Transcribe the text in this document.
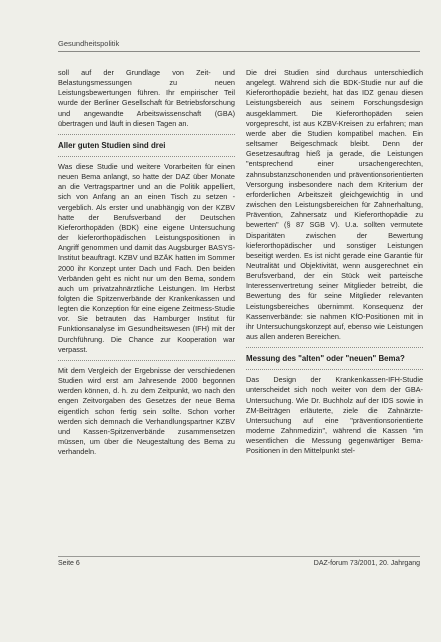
Gesundheitspolitik

soll auf der Grundlage von Zeit- und Belastungsmessungen zu neuen Leistungsbewertungen führen. Ihr empirischer Teil wurde der Berliner Gesellschaft für Betriebsforschung und angewandte Arbeitswissenschaft (GBA) übertragen und läuft in diesen Tagen an.

Aller guten Studien sind drei

Was diese Studie und weitere Vorarbeiten für einen neuen Bema anlangt, so hatte der DAZ über Monate an die Vertragspartner und an die Politik appelliert, sich von Anfang an an einen Tisch zu setzen - vergeblich. Als erster und unabhängig von der KZBV hatte der Berufsverband der Deutschen Kieferorthopäden (BDK) eine eigene Untersuchung der kieferorthopädischen Leistungspositionen in Angriff genommen und damit das Augsburger BASYS-Institut beauftragt. KZBV und BZÄK hatten im Sommer 2000 ihr Konzept unter Dach und Fach. Den beiden Verbänden geht es nicht nur um den Bema, sondern auch um privatzahnärztliche Leistungen. Im Herbst folgten die Spitzenverbände der Krankenkassen und legten die Konzeption für eine eigene Zeitmess-Studie vor. Sie betrauten das Hamburger Institut für Funktionsanalyse im Gesundheitswesen (IFH) mit der Durchführung. Die Chance zur Kooperation war verpasst.

Mit dem Vergleich der Ergebnisse der verschiedenen Studien wird erst am Jahresende 2000 begonnen werden können, d. h. zu dem Zeitpunkt, wo nach den engen Zeitvorgaben des Gesetzes der neue Bema eigentlich schon fertig sein sollte. Schon vorher werden sich demnach die Verhandlungspartner KZBV und Kassen-Spitzenverbände zusammensetzen müssen, um über die Neugestaltung des Bema zu verhandeln.

Die drei Studien sind durchaus unterschiedlich angelegt. Während sich die BDK-Studie nur auf die Kieferorthopädie bezieht, hat das IDZ genau diesen Leistungsbereich aus seinem Forschungsdesign ausgeklammert. Die Kieferorthopäden seien vorgeprescht, ist aus KZBV-Kreisen zu erfahren; man werde aber die Studien kompatibel machen. Ein seltsamer Beigeschmack bleibt. Denn der Gesetzesauftrag hieß ja gerade, die Leistungen "entsprechend einer ursachengerechten, zahnsubstanzschonenden und präventionsorientierten Versorgung insbesondere nach dem Kriterium der erforderlichen Arbeitszeit gleichgewichtig in und zwischen den Leistungsbereichen für Zahnerhaltung, Prävention, Zahnersatz und Kieferorthopädie zu bewerten" (§ 87 SGB V). U.a. sollten vermutete Disparitäten zwischen der Bewertung kieferorthopädischer und sonstiger Leistungen beseitigt werden. Es ist nicht gerade eine Garantie für Neutralität und Objektivität, wenn ausgerechnet ein Berufsverband, der ein Stück weit parteische Interessenvertretung seiner Mitglieder betreibt, die Bewertung des für seine Mitglieder relevanten Leistungsbereiches übernimmt. Konsequenz der Kassenverbände: sie nahmen KfO-Positionen mit in ihr Untersuchungskonzept auf, ebenso wie Leistungen aus allen anderen Bereichen.

Messung des "alten" oder "neuen" Bema?

Das Design der Krankenkassen-IFH-Studie unterscheidet sich noch weiter von dem der GBA-Untersuchung. Wie Dr. Buchholz auf der IDS sowie in ZM-Beiträgen erläuterte, ziele die Zahnärzte-Untersuchung auf eine "präventionsorientierte moderne Zahnmedizin", während die Kassen "im wesentlichen die Messung gegenwärtiger Bema-Positionen in den Mittelpunkt stel-

Seite 6	DAZ-forum 73/2001, 20. Jahrgang
